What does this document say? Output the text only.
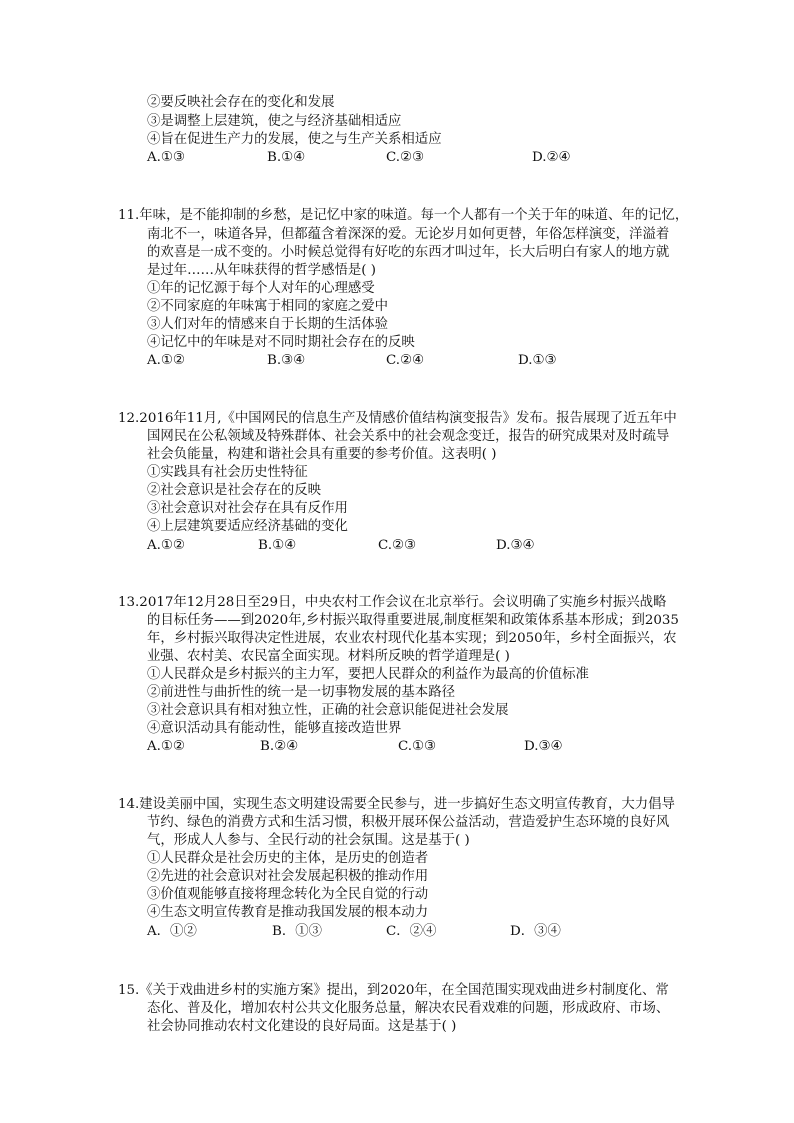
②要反映社会存在的变化和发展
③是调整上层建筑，使之与经济基础相适应
④旨在促进生产力的发展，使之与生产关系相适应
A.①③	B.①④	C.②③	D.②④
11.年味，是不能抑制的乡愁，是记忆中家的味道。每一个人都有一个关于年的味道、年的记忆，
南北不一，味道各异，但都蕴含着深深的爱。无论岁月如何更替，年俗怎样演变，洋溢着
的欢喜是一成不变的。小时候总觉得有好吃的东西才叫过年，长大后明白有家人的地方就
是过年……从年味获得的哲学感悟是( )
①年的记忆源于每个人对年的心理感受
②不同家庭的年味寓于相同的家庭之爱中
③人们对年的情感来自于长期的生活体验
④记忆中的年味是对不同时期社会存在的反映
A.①②	B.③④	C.②④	D.①③
12.2016年11月,《中国网民的信息生产及情感价值结构演变报告》发布。报告展现了近五年中
国网民在公私领域及特殊群体、社会关系中的社会观念变迁，报告的研究成果对及时疏导
社会负能量，构建和谐社会具有重要的参考价值。这表明( )
①实践具有社会历史性特征
②社会意识是社会存在的反映
③社会意识对社会存在具有反作用
④上层建筑要适应经济基础的变化
A.①②	B.①④	C.②③	D.③④
13.2017年12月28日至29日，中央农村工作会议在北京举行。会议明确了实施乡村振兴战略
的目标任务——到2020年,乡村振兴取得重要进展,制度框架和政策体系基本形成；到2035
年，乡村振兴取得决定性进展，农业农村现代化基本实现；到2050年，乡村全面振兴，农
业强、农村美、农民富全面实现。材料所反映的哲学道理是( )
①人民群众是乡村振兴的主力军，要把人民群众的利益作为最高的价值标准
②前进性与曲折性的统一是一切事物发展的基本路径
③社会意识具有相对独立性，正确的社会意识能促进社会发展
④意识活动具有能动性，能够直接改造世界
A.①②	B.②④	C.①③	D.③④
14.建设美丽中国，实现生态文明建设需要全民参与，进一步搞好生态文明宣传教育，大力倡导
节约、绿色的消费方式和生活习惯，积极开展环保公益活动，营造爱护生态环境的良好风
气，形成人人参与、全民行动的社会氛围。这是基于( )
①人民群众是社会历史的主体，是历史的创造者
②先进的社会意识对社会发展起积极的推动作用
③价值观能够直接将理念转化为全民自觉的行动
④生态文明宣传教育是推动我国发展的根本动力
A．①②	B．①③	C．②④	D．③④
15.《关于戏曲进乡村的实施方案》提出，到2020年，在全国范围实现戏曲进乡村制度化、常
态化、普及化，增加农村公共文化服务总量，解决农民看戏难的问题，形成政府、市场、
社会协同推动农村文化建设的良好局面。这是基于( )
